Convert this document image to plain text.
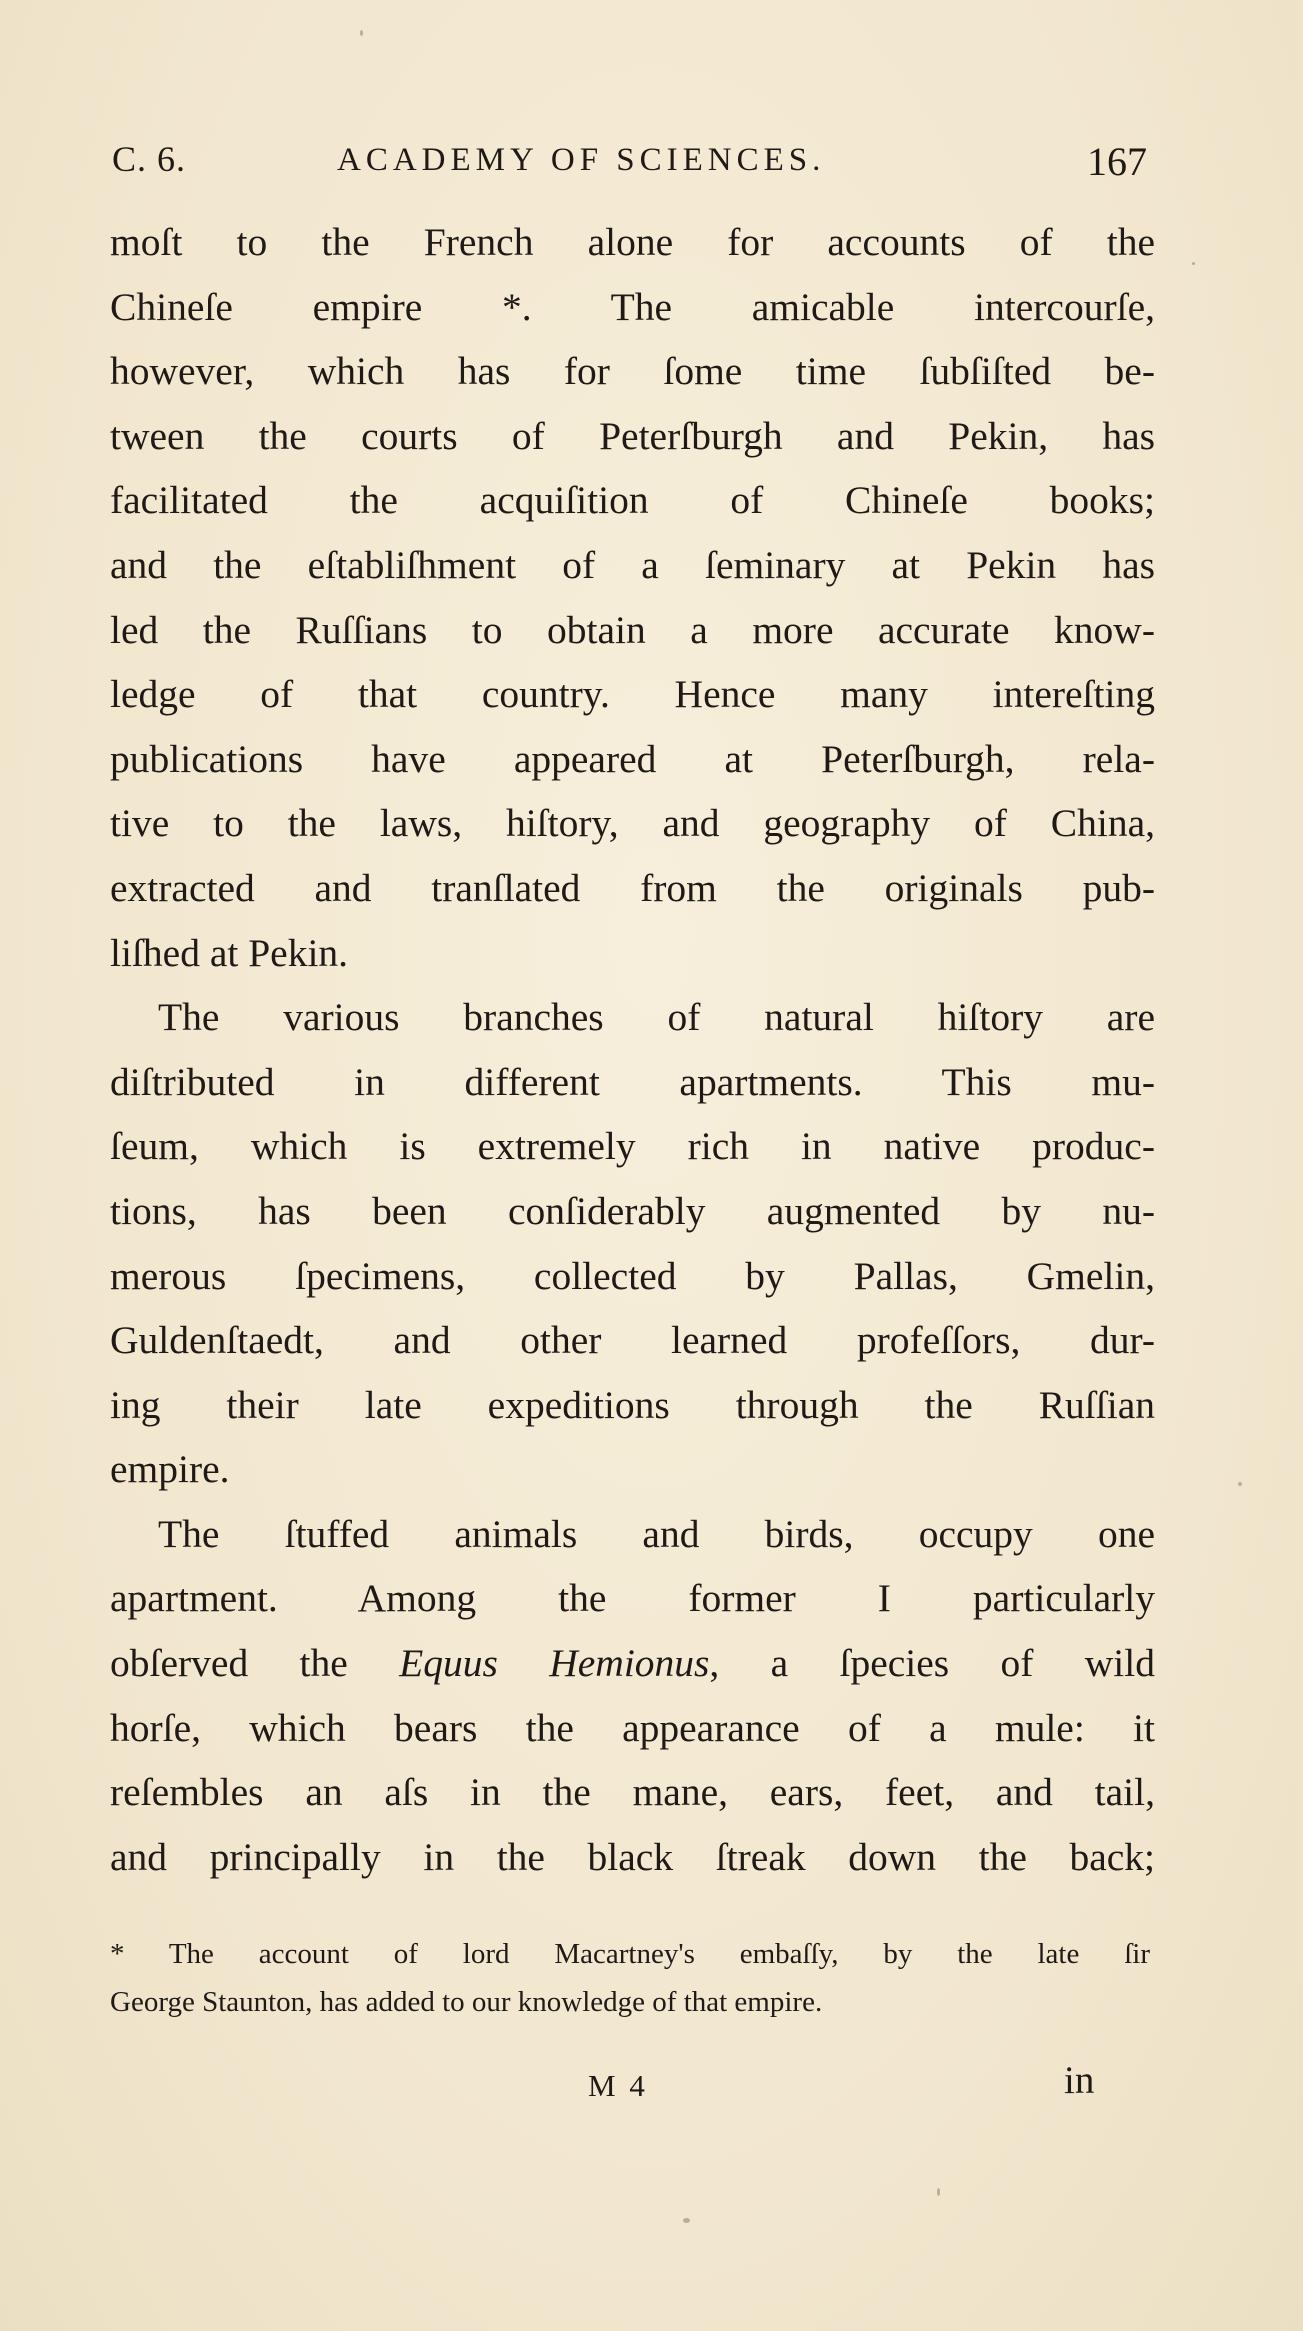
C. 6.	ACADEMY OF SCIENCES.	167
moſt to the French alone for accounts of the
Chineſe empire *. The amicable intercourſe,
however, which has for ſome time ſubſiſted be-
tween the courts of Peterſburgh and Pekin, has
facilitated the acquiſition of Chineſe books;
and the eſtabliſhment of a ſeminary at Pekin has
led the Ruſſians to obtain a more accurate know-
ledge of that country. Hence many intereſting
publications have appeared at Peterſburgh, rela-
tive to the laws, hiſtory, and geography of China,
extracted and tranſlated from the originals pub-
liſhed at Pekin.
The various branches of natural hiſtory are
diſtributed in different apartments. This mu-
ſeum, which is extremely rich in native produc-
tions, has been conſiderably augmented by nu-
merous ſpecimens, collected by Pallas, Gmelin,
Guldenſtaedt, and other learned profeſſors, dur-
ing their late expeditions through the Ruſſian
empire.
The ſtuffed animals and birds, occupy one
apartment. Among the former I particularly
obſerved the Equus Hemionus, a ſpecies of wild
horſe, which bears the appearance of a mule: it
reſembles an aſs in the mane, ears, feet, and tail,
and principally in the black ſtreak down the back;
* The account of lord Macartney's embaſſy, by the late ſir
George Staunton, has added to our knowledge of that empire.
M 4	in
